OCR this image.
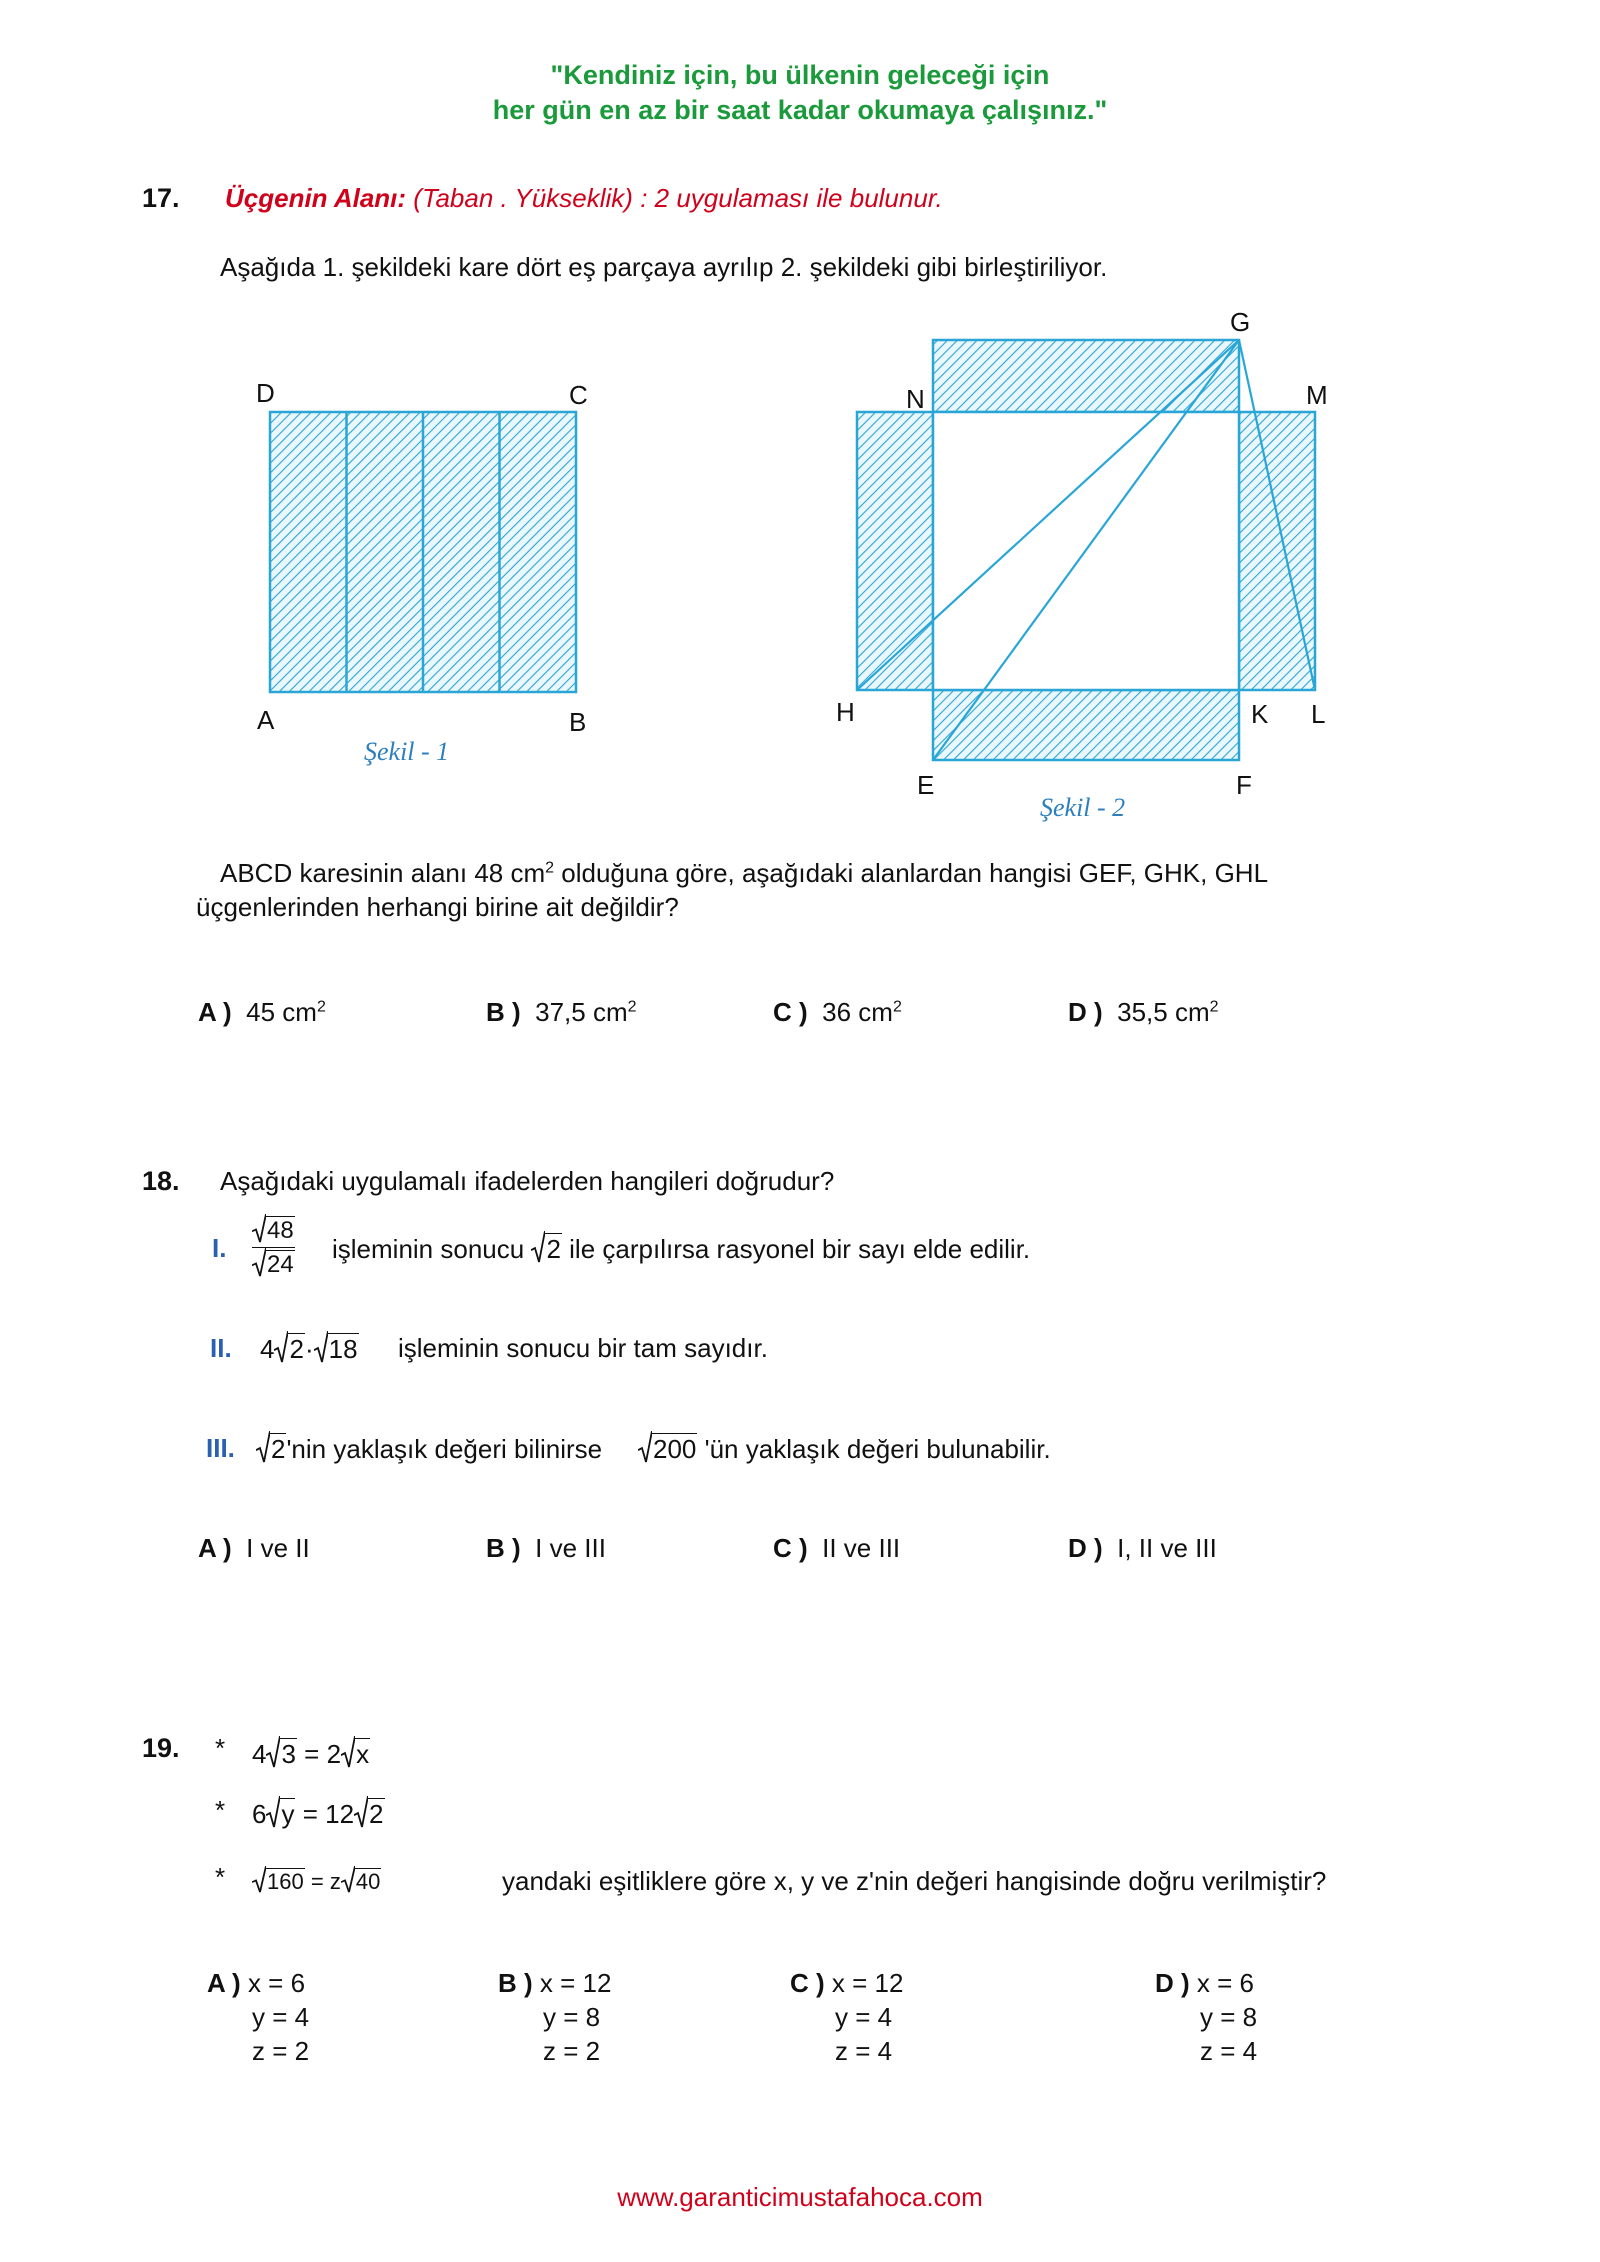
"Kendiniz için, bu ülkenin geleceği için
her gün en az bir saat kadar okumaya çalışınız."
17. Üçgenin Alanı: (Taban . Yükseklik) : 2 uygulaması ile bulunur.
Aşağıda 1. şekildeki kare dört eş parçaya ayrılıp 2. şekildeki gibi birleştiriliyor.
D	C
A	B
Şekil - 1
G
N	M
H	K L
E	F
Şekil - 2
ABCD karesinin alanı 48 $cm^2$ olduğuna göre, aşağıdaki alanlardan hangisi GEF, GHK, GHL
üçgenlerinden herhangi birine ait değildir?
A ) 45 $cm^2$	B ) 37,5 $cm^2$	C ) 36 $cm^2$	D ) 35,5 $cm^2$
18. Aşağıdaki uygulamalı ifadelerden hangileri doğrudur?
I. $\frac{48}{24}$ işleminin sonucu 2 ile çarpılırsa rasyonel bir sayı elde edilir.
II. 4 2· 18 işleminin sonucu bir tam sayıdır.
III.	2'nin yaklaşık değeri bilinirse	200 'ün yaklaşık değeri bulunabilir.
A ) I ve II	B ) I ve III	C ) II ve III	D ) I, II ve III
19. * 4 3 = 2 x
* 6 y = 12 2
*	160 = z 40	yandaki eşitliklere göre x, y ve z'nin değeri hangisinde doğru verilmiştir?
A ) x = 6
y = 4
z = 2
B ) x = 12
y = 8
z = 2
C ) x = 12
y = 4
z = 4
D ) x = 6
y = 8
z = 4
www.garanticimustafahoca.com
